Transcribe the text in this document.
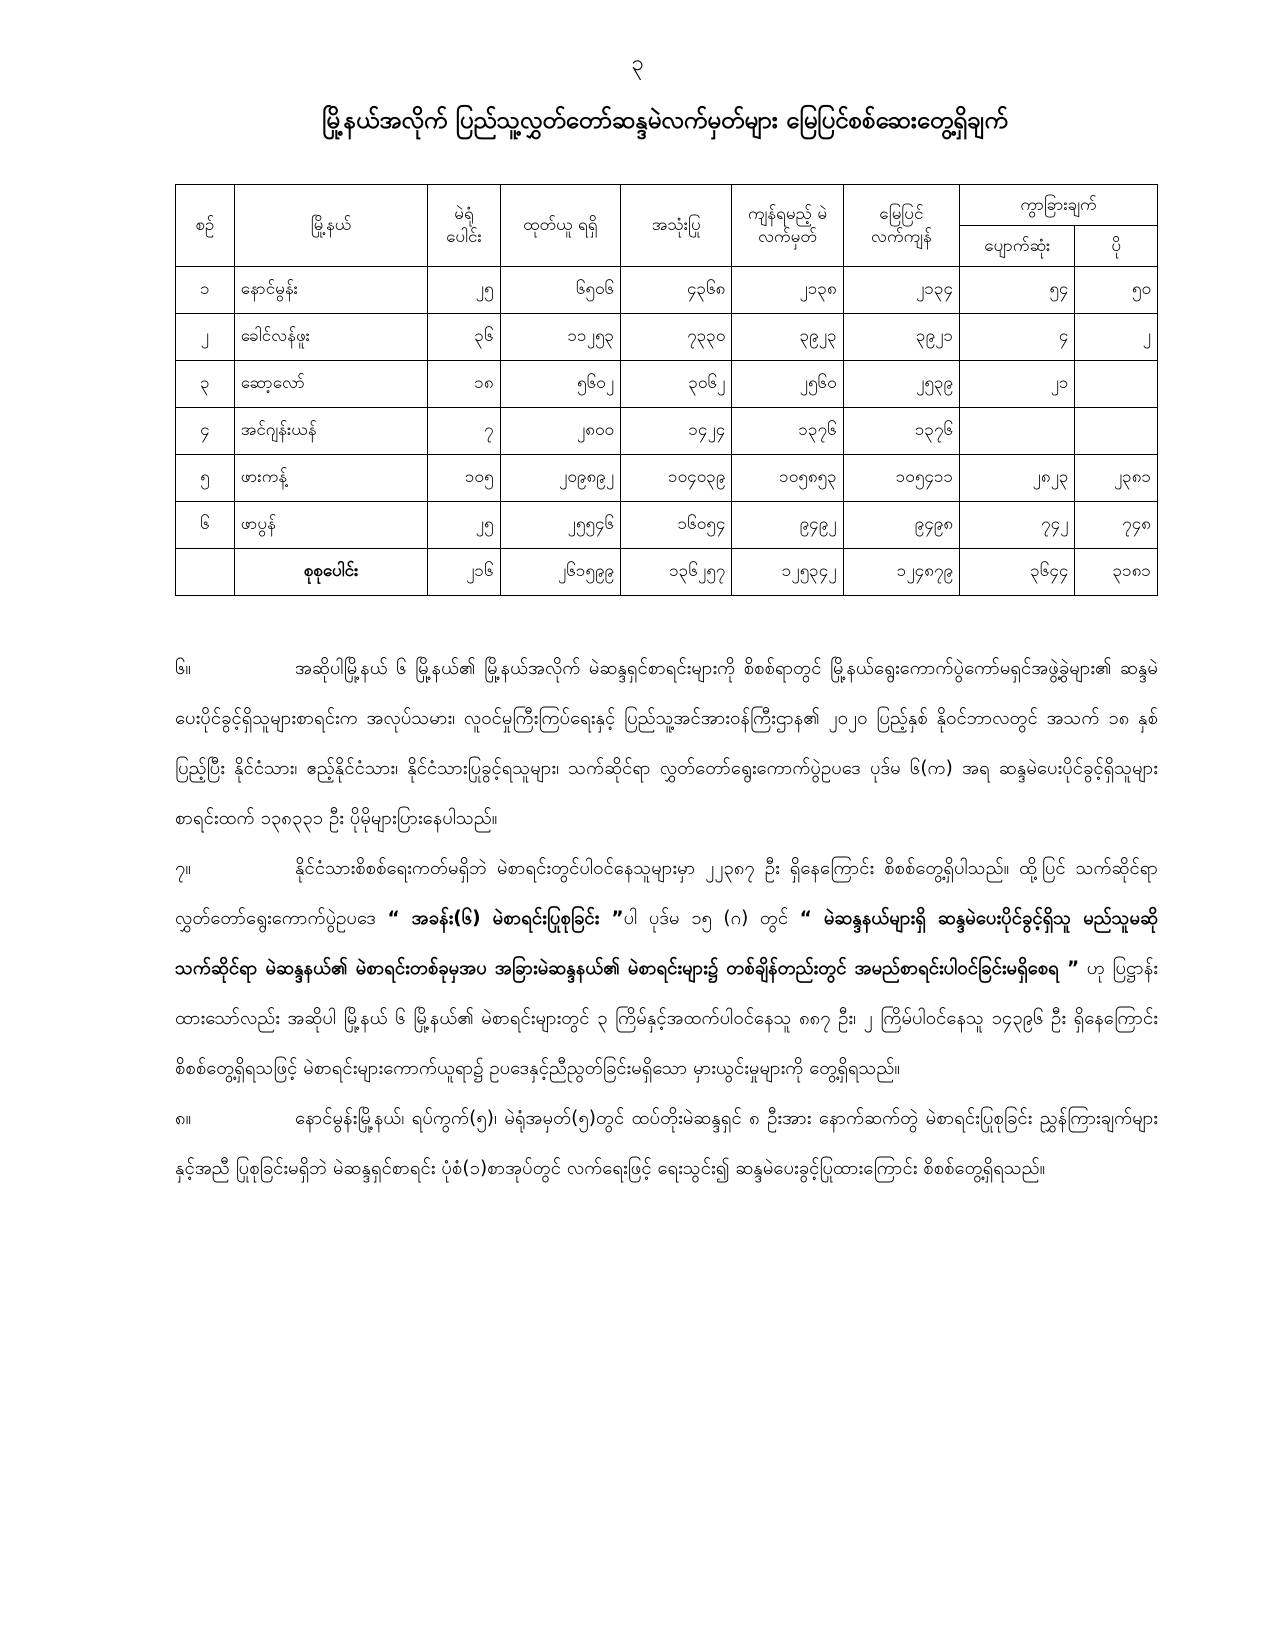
၃
မြို့နယ်အလိုက် ပြည်သူ့လွှတ်တော်ဆန္ဒမဲလက်မှတ်များ မြေပြင်စစ်ဆေးတွေ့ရှိချက်
စဉ်	မြို့နယ်	မဲရုံ ပေါင်း	ထုတ်ယူ ရရှိ	အသုံးပြု	ကျန်ရမည့် မဲလက်မှတ်	မြေပြင် လက်ကျန်	ကွာခြားချက်	
							ပျောက်ဆုံး	ပို
၁	နောင်မွန်း	၂၅	၆၅၀၆	၄၃၆၈	၂၁၃၈	၂၁၃၄	၅၄	၅၀
၂	ခေါင်လန်ဖူး	၃၆	၁၁၂၅၃	၇၃၃၀	၃၉၂၃	၃၉၂၁	၄	၂
၃	ဆော့လော်	၁၈	၅၆၀၂	၃၀၆၂	၂၅၆၀	၂၅၃၉	၂၁	
၄	အင်ဂျန်းယန်	၇	၂၈၀၀	၁၄၂၄	၁၃၇၆	၁၃၇၆		
၅	ဖားကန့်	၁၀၅	၂၀၉၈၉၂	၁၀၄၀၃၉	၁၀၅၈၅၃	၁၀၅၄၁၁	၂၈၂၃	၂၃၈၁
၆	ဖာပွန်	၂၅	၂၅၅၄၆	၁၆၀၅၄	၉၄၉၂	၉၄၉၈	၇၄၂	၇၄၈
	စုစုပေါင်း	၂၁၆	၂၆၁၅၉၉	၁၃၆၂၅၇	၁၂၅၃၄၂	၁၂၄၈၇၉	၃၆၄၄	၃၁၈၁

၆။	အဆိုပါမြို့နယ် ၆ မြို့နယ်၏ မြို့နယ်အလိုက် မဲဆန္ဒရှင်စာရင်းများကို စိစစ်ရာတွင် မြို့နယ်ရွေးကောက်ပွဲကော်မရှင်အဖွဲ့ခွဲများ၏ ဆန္ဒမဲပေးပိုင်ခွင့်ရှိသူများစာရင်းက အလုပ်သမား၊ လူဝင်မှုကြီးကြပ်ရေးနှင့် ပြည်သူ့အင်အားဝန်ကြီးဌာန၏ ၂၀၂၀ ပြည့်နှစ် နိုဝင်ဘာလတွင် အသက် ၁၈ နှစ်ပြည့်ပြီး နိုင်ငံသား၊ ဧည့်နိုင်ငံသား၊ နိုင်ငံသားပြုခွင့်ရသူများ၊ သက်ဆိုင်ရာ လွှတ်တော်ရွေးကောက်ပွဲဥပဒေ ပုဒ်မ ၆(က) အရ ဆန္ဒမဲပေးပိုင်ခွင့်ရှိသူများစာရင်းထက် ၁၃၈၃၃၁ ဦး ပိုမိုများပြားနေပါသည်။

၇။	နိုင်ငံသားစိစစ်ရေးကတ်မရှိဘဲ မဲစာရင်းတွင်ပါဝင်နေသူများမှာ ၂၂၃၈၇ ဦး ရှိနေကြောင်း စိစစ်တွေ့ရှိပါသည်။ ထို့ပြင် သက်ဆိုင်ရာ လွှတ်တော်ရွေးကောက်ပွဲဥပဒေ “ အခန်း(၆) မဲစာရင်းပြုစုခြင်း ”ပါ ပုဒ်မ ၁၅ (ဂ) တွင် “ မဲဆန္ဒနယ်များရှိ ဆန္ဒမဲပေးပိုင်ခွင့်ရှိသူ မည်သူမဆို သက်ဆိုင်ရာ မဲဆန္ဒနယ်၏ မဲစာရင်းတစ်ခုမှအပ အခြားမဲဆန္ဒနယ်၏ မဲစာရင်းများ၌ တစ်ချိန်တည်းတွင် အမည်စာရင်းပါဝင်ခြင်းမရှိစေရ ” ဟု ပြဋ္ဌာန်းထားသော်လည်း အဆိုပါ မြို့နယ် ၆ မြို့နယ်၏ မဲစာရင်းများတွင် ၃ ကြိမ်နှင့်အထက်ပါဝင်နေသူ ၈၈၇ ဦး၊ ၂ ကြိမ်ပါဝင်နေသူ ၁၄၃၉၆ ဦး ရှိနေကြောင်း စိစစ်တွေ့ရှိရသဖြင့် မဲစာရင်းများကောက်ယူရာ၌ ဥပဒေနှင့်ညီညွတ်ခြင်းမရှိသော မှားယွင်းမှုများကို တွေ့ရှိရသည်။

၈။	နောင်မွန်းမြို့နယ်၊ ရပ်ကွက်(၅)၊ မဲရုံအမှတ်(၅)တွင် ထပ်တိုးမဲဆန္ဒရှင် ၈ ဦးအား နောက်ဆက်တွဲ မဲစာရင်းပြုစုခြင်း ညွှန်ကြားချက်များနှင့်အညီ ပြုစုခြင်းမရှိဘဲ မဲဆန္ဒရှင်စာရင်း ပုံစံ(၁)စာအုပ်တွင် လက်ရေးဖြင့် ရေးသွင်း၍ ဆန္ဒမဲပေးခွင့်ပြုထားကြောင်း စိစစ်တွေ့ရှိရသည်။
